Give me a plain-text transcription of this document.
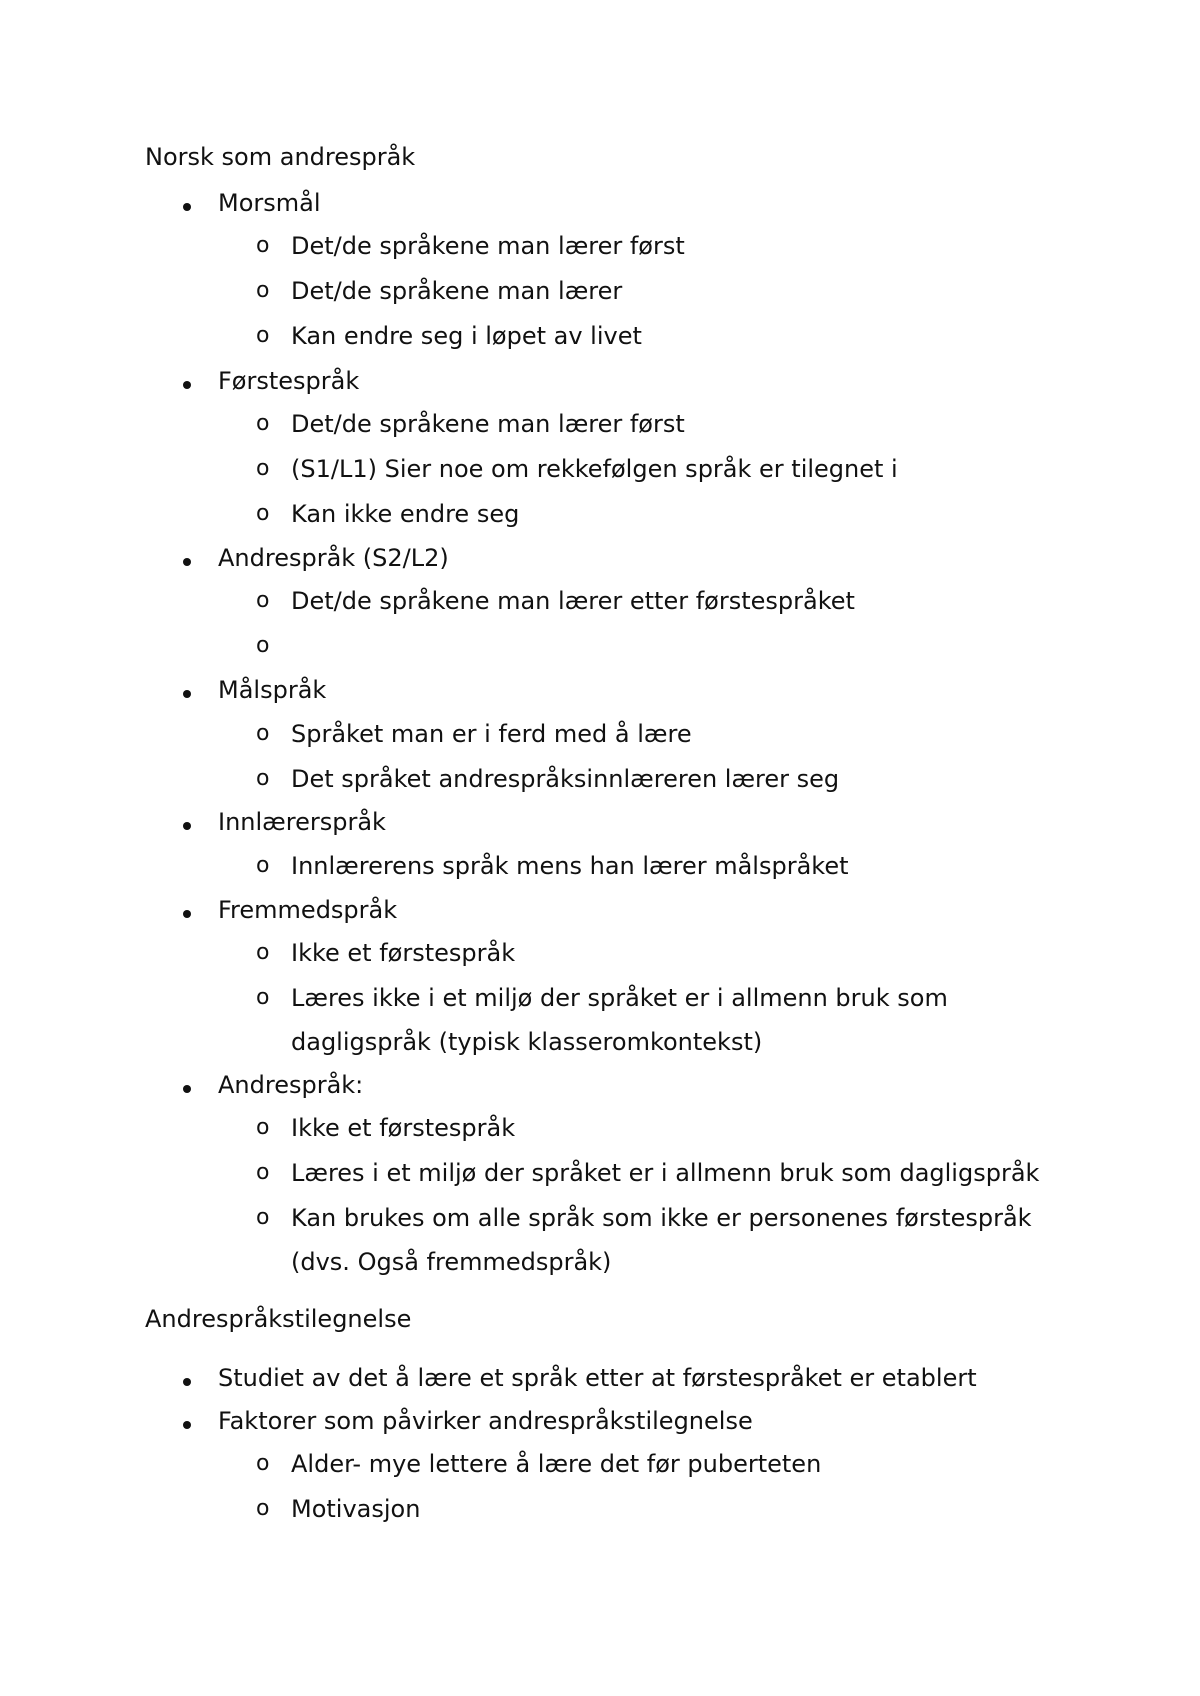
Norsk som andrespråk
Morsmål
o Det/de språkene man lærer først
o Det/de språkene man lærer
o Kan endre seg i løpet av livet
Førstespråk
o Det/de språkene man lærer først
o (S1/L1) Sier noe om rekkefølgen språk er tilegnet i
o Kan ikke endre seg
Andrespråk (S2/L2)
o Det/de språkene man lærer etter førstespråket
o
Målspråk
o Språket man er i ferd med å lære
o Det språket andrespråksinnlæreren lærer seg
Innlærerspråk
o Innlærerens språk mens han lærer målspråket
Fremmedspråk
o Ikke et førstespråk
o Læres ikke i et miljø der språket er i allmenn bruk som
dagligspråk (typisk klasseromkontekst)
Andrespråk:
o Ikke et førstespråk
o Læres i et miljø der språket er i allmenn bruk som dagligspråk
o Kan brukes om alle språk som ikke er personenes førstespråk
(dvs. Også fremmedspråk)
Andrespråkstilegnelse
Studiet av det å lære et språk etter at førstespråket er etablert
Faktorer som påvirker andrespråkstilegnelse
o Alder- mye lettere å lære det før puberteten
o Motivasjon
